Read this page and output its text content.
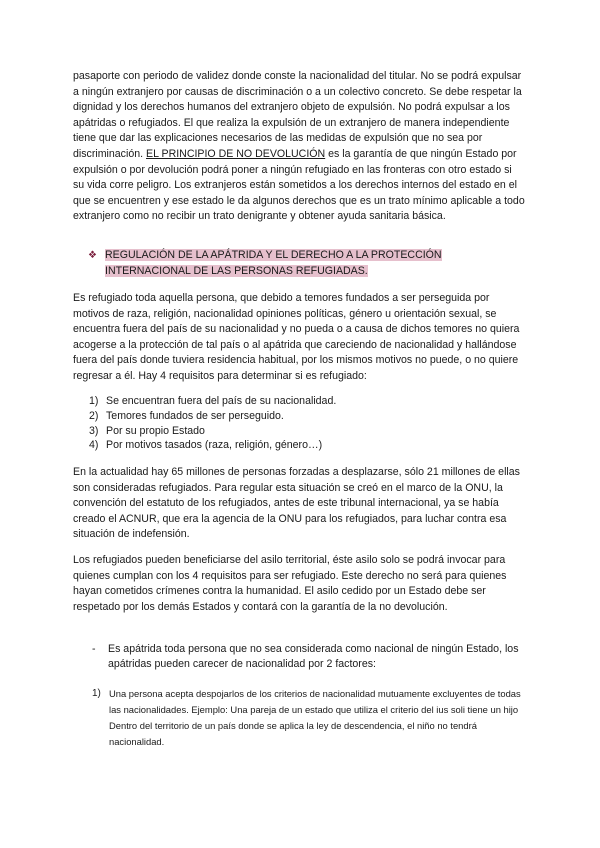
pasaporte con periodo de validez donde conste la nacionalidad del titular. No se podrá expulsar a ningún extranjero por causas de discriminación o a un colectivo concreto. Se debe respetar la dignidad y los derechos humanos del extranjero objeto de expulsión. No podrá expulsar a los apátridas o refugiados. El que realiza la expulsión de un extranjero de manera independiente tiene que dar las explicaciones necesarios de las medidas de expulsión que no sea por discriminación. EL PRINCIPIO DE NO DEVOLUCIÓN es la garantía de que ningún Estado por expulsión o por devolución podrá poner a ningún refugiado en las fronteras con otro estado si su vida corre peligro. Los extranjeros están sometidos a los derechos internos del estado en el que se encuentren y ese estado le da algunos derechos que es un trato mínimo aplicable a todo extranjero como no recibir un trato denigrante y obtener ayuda sanitaria básica.

❖ REGULACIÓN DE LA APÁTRIDA Y EL DERECHO A LA PROTECCIÓN
INTERNACIONAL DE LAS PERSONAS REFUGIADAS.

Es refugiado toda aquella persona, que debido a temores fundados a ser perseguida por motivos de raza, religión, nacionalidad opiniones políticas, género u orientación sexual, se encuentra fuera del país de su nacionalidad y no pueda o a causa de dichos temores no quiera acogerse a la protección de tal país o al apátrida que careciendo de nacionalidad y hallándose fuera del país donde tuviera residencia habitual, por los mismos motivos no puede, o no quiere regresar a él. Hay 4 requisitos para determinar si es refugiado:

1) Se encuentran fuera del país de su nacionalidad.
2) Temores fundados de ser perseguido.
3) Por su propio Estado
4) Por motivos tasados (raza, religión, género…)

En la actualidad hay 65 millones de personas forzadas a desplazarse, sólo 21 millones de ellas son consideradas refugiados. Para regular esta situación se creó en el marco de la ONU, la convención del estatuto de los refugiados, antes de este tribunal internacional, ya se había creado el ACNUR, que era la agencia de la ONU para los refugiados, para luchar contra esa situación de indefensión.

Los refugiados pueden beneficiarse del asilo territorial, éste asilo solo se podrá invocar para quienes cumplan con los 4 requisitos para ser refugiado. Este derecho no será para quienes hayan cometidos crímenes contra la humanidad. El asilo cedido por un Estado debe ser respetado por los demás Estados y contará con la garantía de la no devolución.

- Es apátrida toda persona que no sea considerada como nacional de ningún Estado, los apátridas pueden carecer de nacionalidad por 2 factores:
1) Una persona acepta despojarlos de los criterios de nacionalidad mutuamente excluyentes de todas las nacionalidades. Ejemplo: Una pareja de un estado que utiliza el criterio del ius soli tiene un hijo Dentro del territorio de un país donde se aplica la ley de descendencia, el niño no tendrá nacionalidad.
